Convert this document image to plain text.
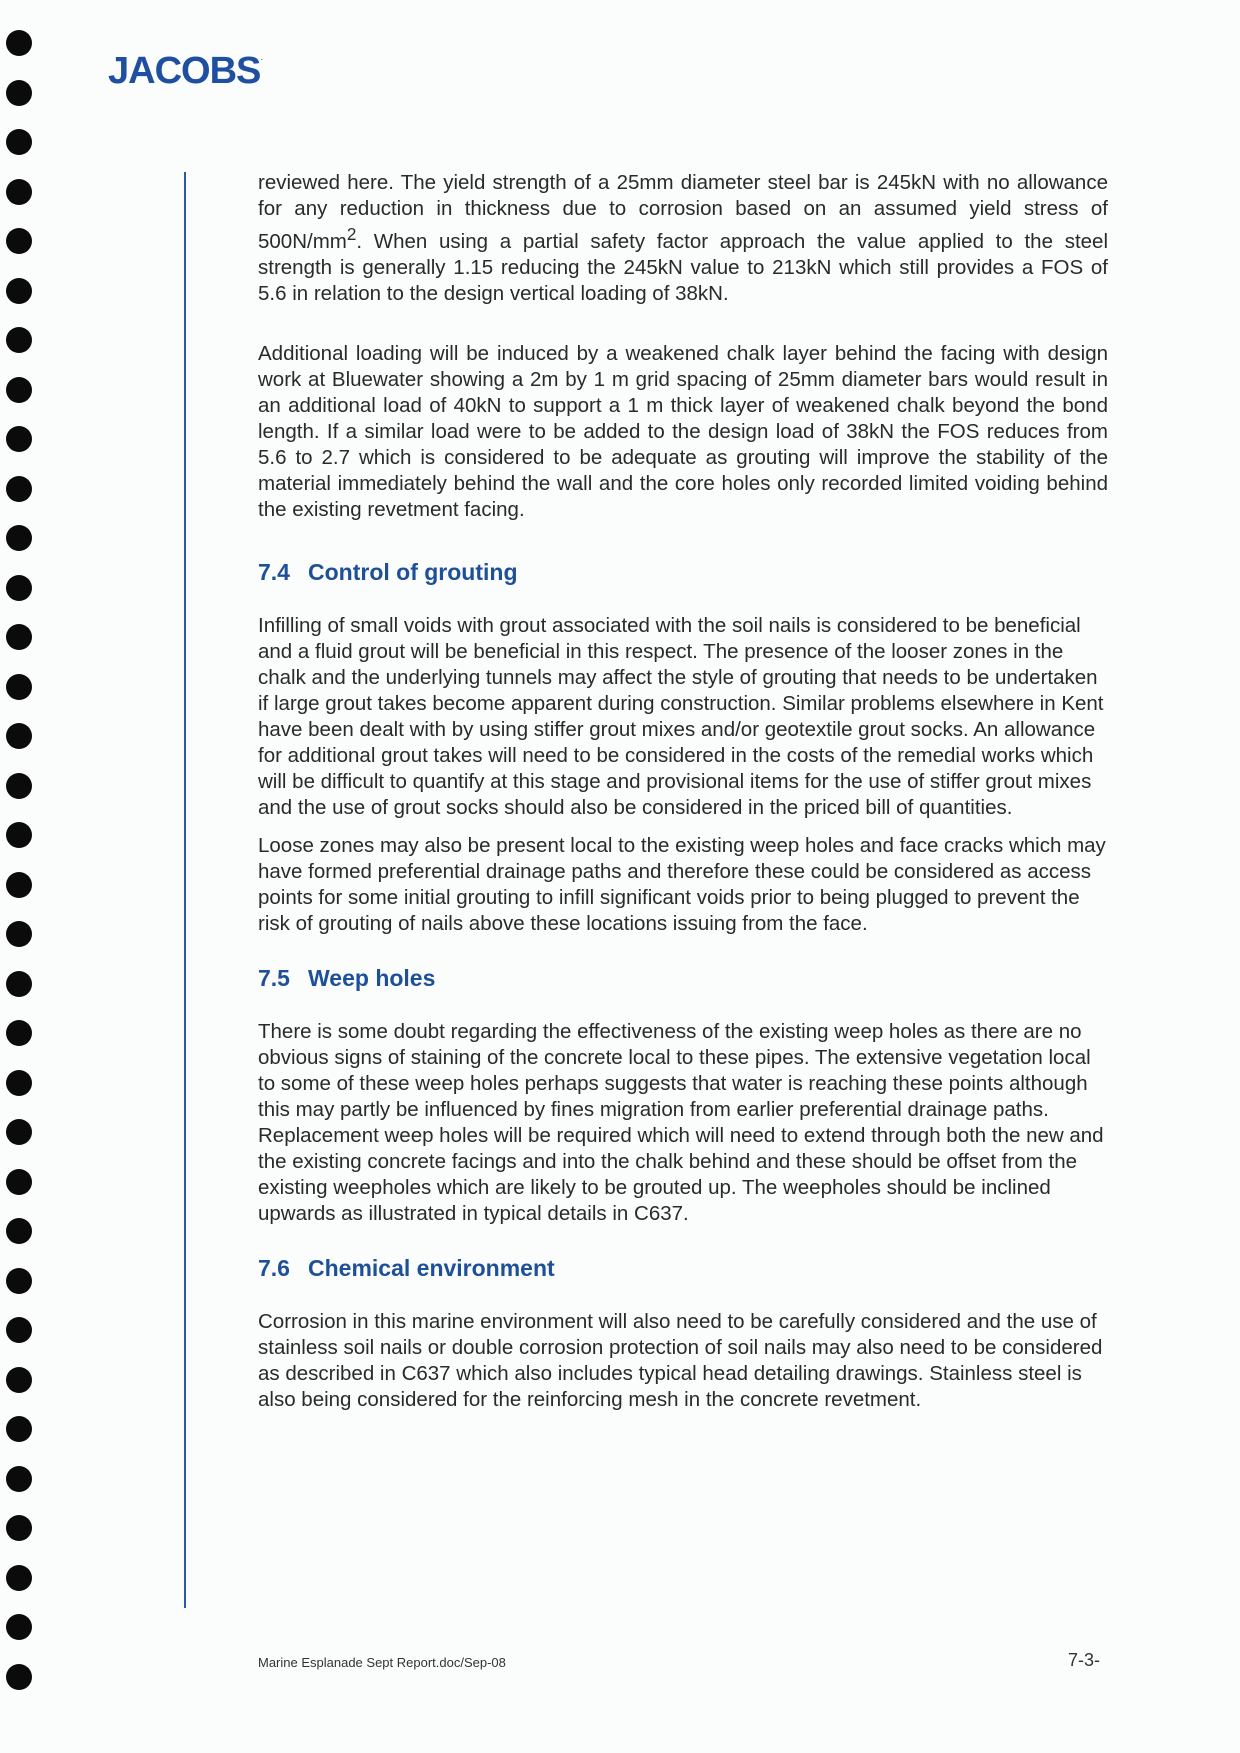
JACOBS·

reviewed here. The yield strength of a 25mm diameter steel bar is 245kN with no allowance for any reduction in thickness due to corrosion based on an assumed yield stress of $500N/mm^2$. When using a partial safety factor approach the value applied to the steel strength is generally 1.15 reducing the 245kN value to 213kN which still provides a FOS of 5.6 in relation to the design vertical loading of 38kN.

Additional loading will be induced by a weakened chalk layer behind the facing with design work at Bluewater showing a 2m by 1 m grid spacing of 25mm diameter bars would result in an additional load of 40kN to support a 1 m thick layer of weakened chalk beyond the bond length. If a similar load were to be added to the design load of 38kN the FOS reduces from 5.6 to 2.7 which is considered to be adequate as grouting will improve the stability of the material immediately behind the wall and the core holes only recorded limited voiding behind the existing revetment facing.

7.4 Control of grouting

Infilling of small voids with grout associated with the soil nails is considered to be beneficial and a fluid grout will be beneficial in this respect. The presence of the looser zones in the chalk and the underlying tunnels may affect the style of grouting that needs to be undertaken if large grout takes become apparent during construction. Similar problems elsewhere in Kent have been dealt with by using stiffer grout mixes and/or geotextile grout socks. An allowance for additional grout takes will need to be considered in the costs of the remedial works which will be difficult to quantify at this stage and provisional items for the use of stiffer grout mixes and the use of grout socks should also be considered in the priced bill of quantities.

Loose zones may also be present local to the existing weep holes and face cracks which may have formed preferential drainage paths and therefore these could be considered as access points for some initial grouting to infill significant voids prior to being plugged to prevent the risk of grouting of nails above these locations issuing from the face.

7.5 Weep holes

There is some doubt regarding the effectiveness of the existing weep holes as there are no obvious signs of staining of the concrete local to these pipes. The extensive vegetation local to some of these weep holes perhaps suggests that water is reaching these points although this may partly be influenced by fines migration from earlier preferential drainage paths. Replacement weep holes will be required which will need to extend through both the new and the existing concrete facings and into the chalk behind and these should be offset from the existing weepholes which are likely to be grouted up. The weepholes should be inclined upwards as illustrated in typical details in C637.

7.6 Chemical environment

Corrosion in this marine environment will also need to be carefully considered and the use of stainless soil nails or double corrosion protection of soil nails may also need to be considered as described in C637 which also includes typical head detailing drawings. Stainless steel is also being considered for the reinforcing mesh in the concrete revetment.

Marine Esplanade Sept Report.doc/Sep-08	7-3-
